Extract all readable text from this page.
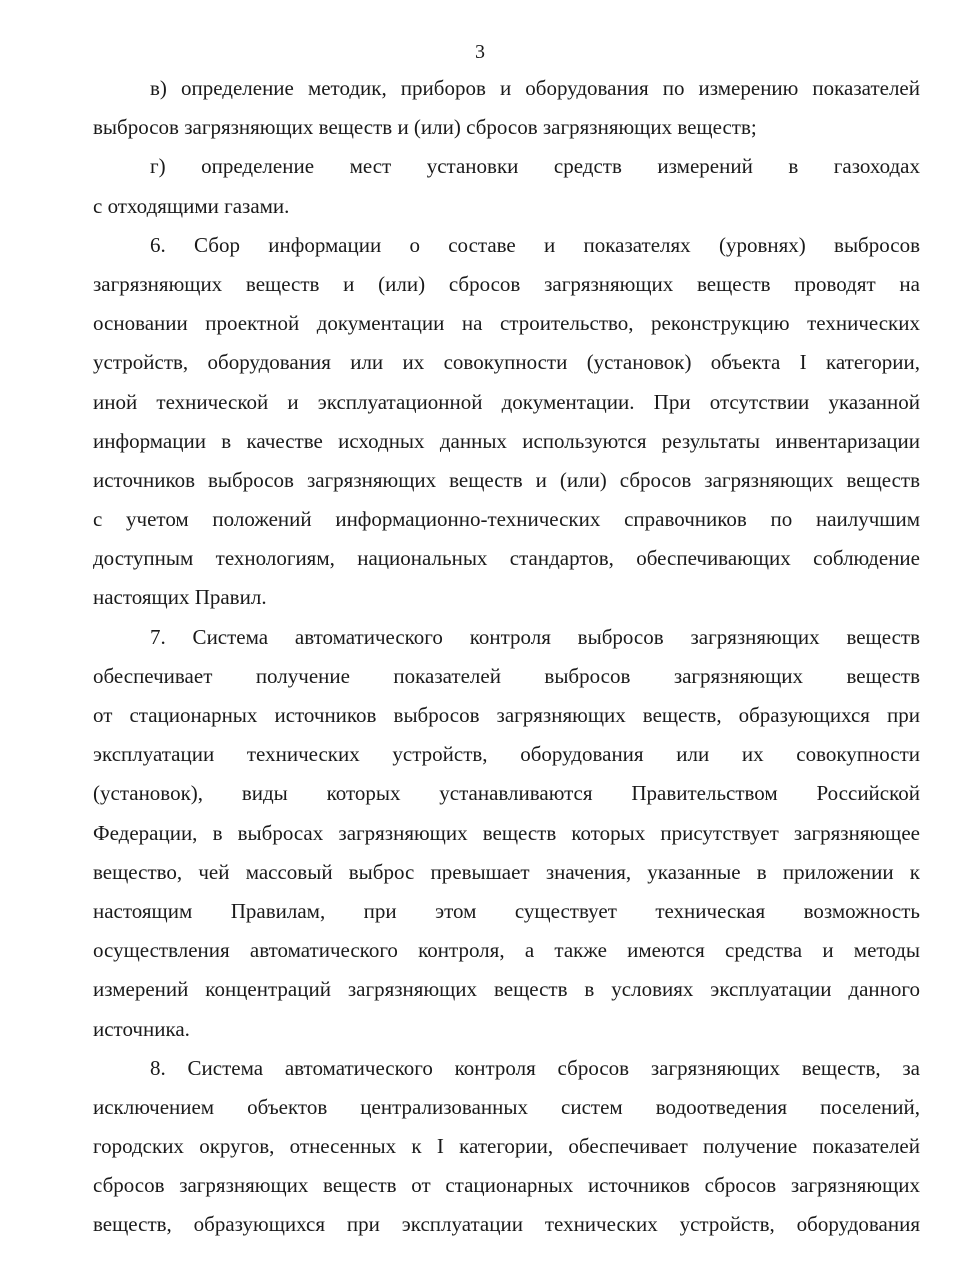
3
в) определение методик, приборов и оборудования по измерению показателей
выбросов загрязняющих веществ и (или) сбросов загрязняющих веществ;
г) определение мест установки средств измерений в газоходах
с отходящими газами.
6. Сбор информации о составе и показателях (уровнях) выбросов
загрязняющих веществ и (или) сбросов загрязняющих веществ проводят на
основании проектной документации на строительство, реконструкцию технических
устройств, оборудования или их совокупности (установок) объекта I категории,
иной технической и эксплуатационной документации. При отсутствии указанной
информации в качестве исходных данных используются результаты инвентаризации
источников выбросов загрязняющих веществ и (или) сбросов загрязняющих веществ
с учетом положений информационно-технических справочников по наилучшим
доступным технологиям, национальных стандартов, обеспечивающих соблюдение
настоящих Правил.
7. Система автоматического контроля выбросов загрязняющих веществ
обеспечивает получение показателей выбросов загрязняющих веществ
от стационарных источников выбросов загрязняющих веществ, образующихся при
эксплуатации технических устройств, оборудования или их совокупности
(установок), виды которых устанавливаются Правительством Российской
Федерации, в выбросах загрязняющих веществ которых присутствует загрязняющее
вещество, чей массовый выброс превышает значения, указанные в приложении к
настоящим Правилам, при этом существует техническая возможность
осуществления автоматического контроля, а также имеются средства и методы
измерений концентраций загрязняющих веществ в условиях эксплуатации данного
источника.
8. Система автоматического контроля сбросов загрязняющих веществ, за
исключением объектов централизованных систем водоотведения поселений,
городских округов, отнесенных к I категории, обеспечивает получение показателей
сбросов загрязняющих веществ от стационарных источников сбросов загрязняющих
веществ, образующихся при эксплуатации технических устройств, оборудования
